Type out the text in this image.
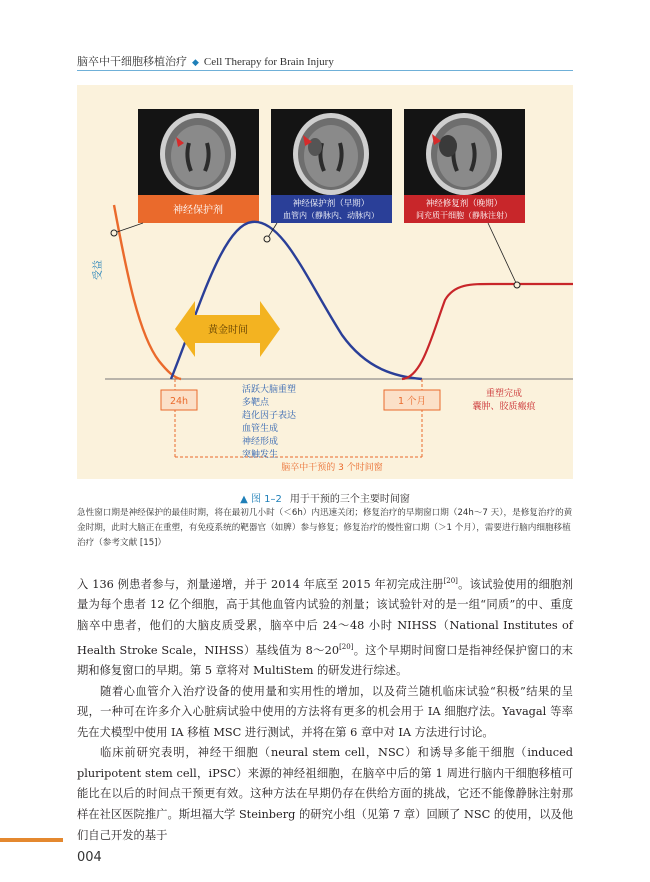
脑卒中干细胞移植治疗 ◆ Cell Therapy for Brain Injury
神经保护剂
神经保护剂（早期）
血管内（静脉内、动脉内）
神经修复剂（晚期）
间充质干细胞（静脉注射）
受益
黄金时间
24h	1 个月
活跃大脑重塑
多靶点
趋化因子表达
血管生成
神经形成
突触发生
脑卒中干预的 3 个时间窗
重塑完成
囊肿、胶质瘢痕
▲ 图 1–2 用于干预的三个主要时间窗
急性窗口期是神经保护的最佳时期，将在最初几小时（＜6h）内迅速关闭；修复治疗的早期窗口期（24h～7 天），是修复治疗的黄金时期，此时大脑正在重塑，有免疫系统的靶器官（如脾）参与修复；修复治疗的慢性窗口期（＞1 个月），需要进行脑内细胞移植治疗（参考文献 [15]）

入 136 例患者参与，剂量递增，并于 2014 年底至 2015 年初完成注册[20]。该试验使用的细胞剂量为每个患者 12 亿个细胞，高于其他血管内试验的剂量；该试验针对的是一组“同质”的中、重度脑卒中患者，他们的大脑皮质受累，脑卒中后 24～48 小时 NIHSS（National Institutes of Health Stroke Scale，NIHSS）基线值为 8～20[20]。这个早期时间窗口是指神经保护窗口的末期和修复窗口的早期。第 5 章将对 MultiStem 的研发进行综述。

随着心血管介入治疗设备的使用量和实用性的增加，以及荷兰随机临床试验“积极”结果的呈现，一种可在许多介入心脏病试验中使用的方法将有更多的机会用于 IA 细胞疗法。Yavagal 等率先在犬模型中使用 IA 移植 MSC 进行测试，并将在第 6 章中对 IA 方法进行讨论。

临床前研究表明，神经干细胞（neural stem cell，NSC）和诱导多能干细胞（induced pluripotent stem cell，iPSC）来源的神经祖细胞，在脑卒中后的第 1 周进行脑内干细胞移植可能比在以后的时间点干预更有效。这种方法在早期仍存在供给方面的挑战，它还不能像静脉注射那样在社区医院推广。斯坦福大学 Steinberg 的研究小组（见第 7 章）回顾了 NSC 的使用，以及他们自己开发的基于

004
